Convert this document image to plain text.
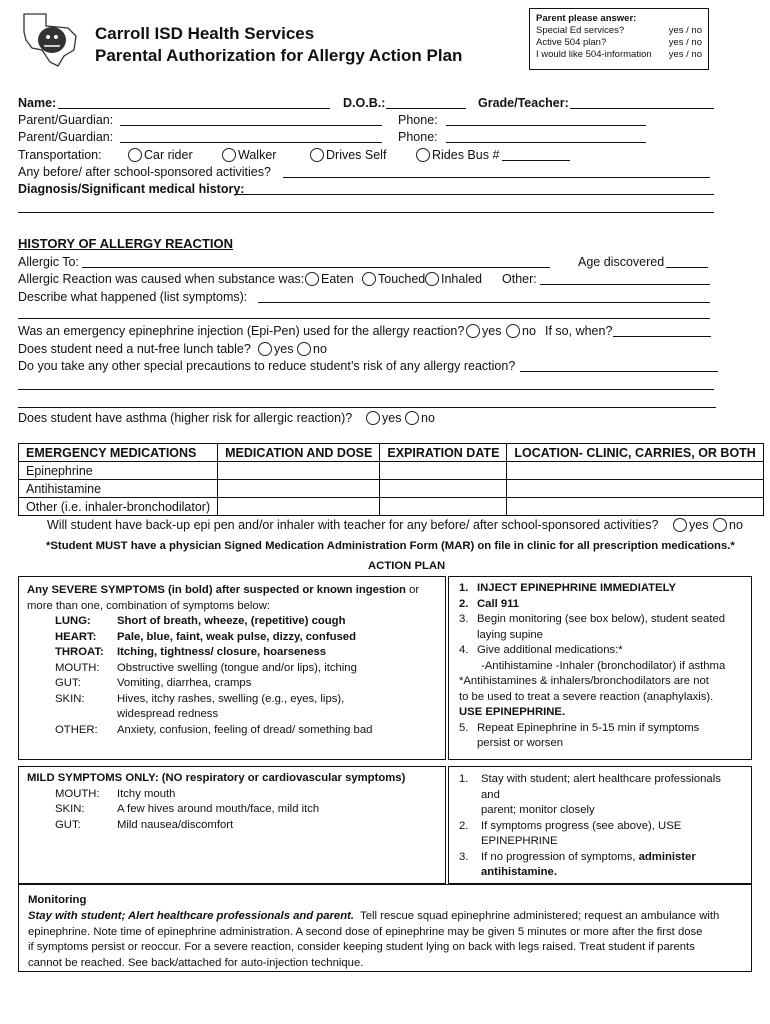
Carroll ISD Health Services
Parental Authorization for Allergy Action Plan
Parent please answer:
Special Ed services?	yes / no
Active 504 plan?	yes / no
I would like 504-information yes / no
Name:	D.O.B.:	Grade/Teacher:
Parent/Guardian:	Phone:
Parent/Guardian:	Phone:
Transportation:	Car rider	Walker	Drives Self	Rides Bus #
Any before/ after school-sponsored activities?
Diagnosis/Significant medical history:
HISTORY OF ALLERGY REACTION
Allergic To:	Age discovered
Allergic Reaction was caused when substance was:	Eaten	Touched	Inhaled Other:
Describe what happened (list symptoms):
Was an emergency epinephrine injection (Epi-Pen) used for the allergy reaction?	yes	no If so, when?
Does student need a nut-free lunch table?	yes	no
Do you take any other special precautions to reduce student’s risk of any allergy reaction?
Does student have asthma (higher risk for allergic reaction)?	yes	no
EMERGENCY MEDICATIONS	MEDICATION AND DOSE	EXPIRATION DATE	LOCATION- CLINIC, CARRIES, OR BOTH
Epinephrine			
Antihistamine			
Other (i.e. inhaler-bronchodilator)			
Will student have back-up epi pen and/or inhaler with teacher for any before/ after school-sponsored activities?	yes	no
*Student MUST have a physician Signed Medication Administration Form (MAR) on file in clinic for all prescription medications.*
ACTION PLAN
Any SEVERE SYMPTOMS (in bold) after suspected or known ingestion or more than one, combination of symptoms below:
LUNG:	Short of breath, wheeze, (repetitive) cough
HEART:	Pale, blue, faint, weak pulse, dizzy, confused
THROAT:	Itching, tightness/ closure, hoarseness
MOUTH:	Obstructive swelling (tongue and/or lips), itching
GUT:	Vomiting, diarrhea, cramps
SKIN:	Hives, itchy rashes, swelling (e.g., eyes, lips),
widespread redness
OTHER:	Anxiety, confusion, feeling of dread/ something bad
1. INJECT EPINEPHRINE IMMEDIATELY
2. Call 911
3. Begin monitoring (see box below), student seated
laying supine
4. Give additional medications:*
-Antihistamine -Inhaler (bronchodilator) if asthma
*Antihistamines & inhalers/bronchodilators are not
to be used to treat a severe reaction (anaphylaxis).
USE EPINEPHRINE.
5. Repeat Epinephrine in 5-15 min if symptoms
persist or worsen
MILD SYMPTOMS ONLY: (NO respiratory or cardiovascular symptoms)
MOUTH:	Itchy mouth
SKIN:	A few hives around mouth/face, mild itch
GUT:	Mild nausea/discomfort
1.	Stay with student; alert healthcare professionals and
parent; monitor closely
2.	If symptoms progress (see above), USE
EPINEPHRINE
3.	If no progression of symptoms, administer
antihistamine.
Monitoring
Stay with student; Alert healthcare professionals and parent. Tell rescue squad epinephrine administered; request an ambulance with
epinephrine. Note time of epinephrine administration. A second dose of epinephrine may be given 5 minutes or more after the first dose
if symptoms persist or reoccur. For a severe reaction, consider keeping student lying on back with legs raised. Treat student if parents
cannot be reached. See back/attached for auto-injection technique.
